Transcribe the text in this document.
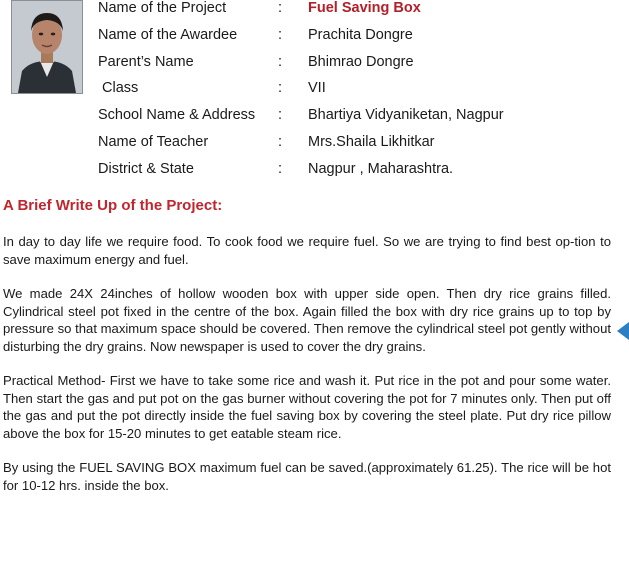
Name of the Project	: Fuel Saving Box
Name of the Awardee	: Prachita Dongre
Parent’s Name	: Bhimrao Dongre
Class	: VII
School Name & Address : Bhartiya Vidyaniketan, Nagpur
Name of Teacher	: Mrs.Shaila Likhitkar
District & State	: Nagpur , Maharashtra.
A Brief Write Up of the Project:

In day to day life we require food. To cook food we require fuel. So we are trying to find best op-tion to save maximum energy and fuel.

We made 24X 24inches of hollow wooden box with upper side open. Then dry rice grains filled. Cylindrical steel pot fixed in the centre of the box. Again filled the box with dry rice grains up to top by pressure so that maximum space should be covered. Then remove the cylindrical steel pot gently without disturbing the dry grains. Now newspaper is used to cover the dry grains.

Practical Method- First we have to take some rice and wash it. Put rice in the pot and pour some water. Then start the gas and put pot on the gas burner without covering the pot for 7 minutes only. Then put off the gas and put the pot directly inside the fuel saving box by covering the steel plate. Put dry rice pillow above the box for 15-20 minutes to get eatable steam rice.

By using the FUEL SAVING BOX maximum fuel can be saved.(approximately 61.25). The rice will be hot for 10-12 hrs. inside the box.
